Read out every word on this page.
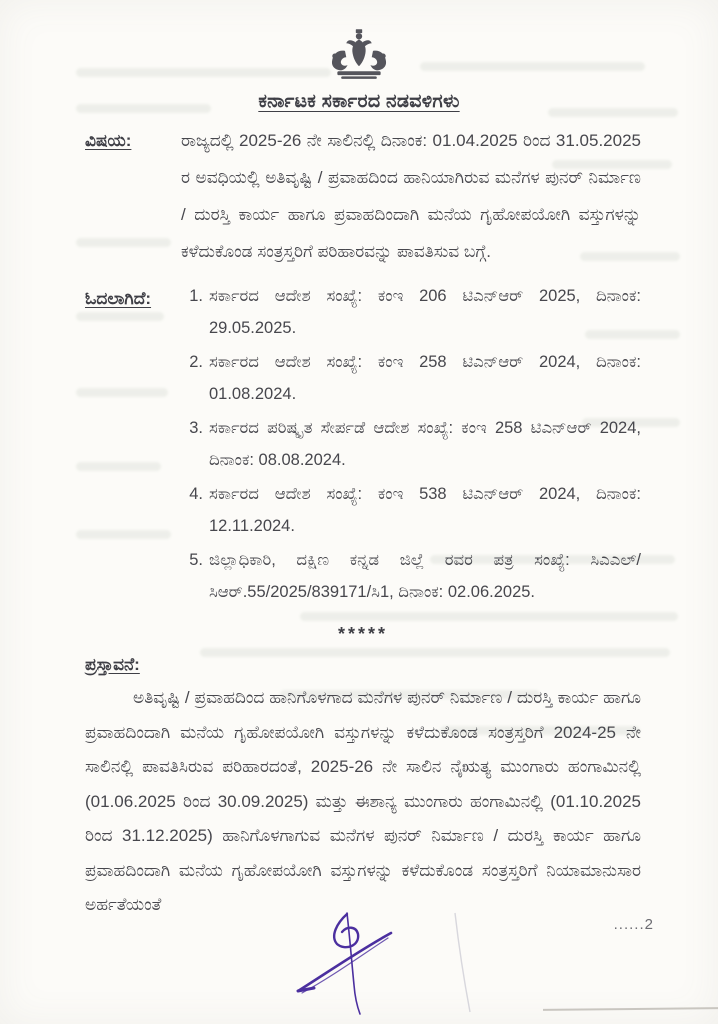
ಕರ್ನಾಟಕ ಸರ್ಕಾರದ ನಡವಳಿಗಳು
ವಿಷಯ:	ರಾಜ್ಯದಲ್ಲಿ 2025-26 ನೇ ಸಾಲಿನಲ್ಲಿ ದಿನಾಂಕ: 01.04.2025 ರಿಂದ 31.05.2025 ರ ಅವಧಿಯಲ್ಲಿ ಅತಿವೃಷ್ಟಿ / ಪ್ರವಾಹದಿಂದ ಹಾನಿಯಾಗಿರುವ ಮನೆಗಳ ಪುನರ್ ನಿರ್ಮಾಣ / ದುರಸ್ತಿ ಕಾರ್ಯ ಹಾಗೂ ಪ್ರವಾಹದಿಂದಾಗಿ ಮನೆಯ ಗೃಹೋಪಯೋಗಿ ವಸ್ತುಗಳನ್ನು ಕಳೆದುಕೊಂಡ ಸಂತ್ರಸ್ತರಿಗೆ ಪರಿಹಾರವನ್ನು ಪಾವತಿಸುವ ಬಗ್ಗೆ.

ಓದಲಾಗಿದೆ:	1. ಸರ್ಕಾರದ ಆದೇಶ ಸಂಖ್ಯೆ: ಕಂಇ 206 ಟಿಎನ್ಆರ್ 2025, ದಿನಾಂಕ: 29.05.2025.
2. ಸರ್ಕಾರದ ಆದೇಶ ಸಂಖ್ಯೆ: ಕಂಇ 258 ಟಿಎನ್ಆರ್ 2024, ದಿನಾಂಕ: 01.08.2024.
3. ಸರ್ಕಾರದ ಪರಿಷ್ಕೃತ ಸೇರ್ಪಡೆ ಆದೇಶ ಸಂಖ್ಯೆ: ಕಂಇ 258 ಟಿಎನ್ಆರ್ 2024, ದಿನಾಂಕ: 08.08.2024.
4. ಸರ್ಕಾರದ ಆದೇಶ ಸಂಖ್ಯೆ: ಕಂಇ 538 ಟಿಎನ್ಆರ್ 2024, ದಿನಾಂಕ: 12.11.2024.
5. ಜಿಲ್ಲಾಧಿಕಾರಿ, ದಕ್ಷಿಣ ಕನ್ನಡ ಜಿಲ್ಲೆ ರವರ ಪತ್ರ ಸಂಖ್ಯೆ: ಸಿಎಎಲ್/ಸಿಆರ್.55/2025/839171/ಸಿ1, ದಿನಾಂಕ: 02.06.2025.
*****
ಪ್ರಸ್ತಾವನೆ:

ಅತಿವೃಷ್ಟಿ / ಪ್ರವಾಹದಿಂದ ಹಾನಿಗೊಳಗಾದ ಮನೆಗಳ ಪುನರ್ ನಿರ್ಮಾಣ / ದುರಸ್ತಿ ಕಾರ್ಯ ಹಾಗೂ ಪ್ರವಾಹದಿಂದಾಗಿ ಮನೆಯ ಗೃಹೋಪಯೋಗಿ ವಸ್ತುಗಳನ್ನು ಕಳೆದುಕೊಂಡ ಸಂತ್ರಸ್ತರಿಗೆ 2024-25 ನೇ ಸಾಲಿನಲ್ಲಿ ಪಾವತಿಸಿರುವ ಪರಿಹಾರದಂತೆ, 2025-26 ನೇ ಸಾಲಿನ ನೈಋತ್ಯ ಮುಂಗಾರು ಹಂಗಾಮಿನಲ್ಲಿ (01.06.2025 ರಿಂದ 30.09.2025) ಮತ್ತು ಈಶಾನ್ಯ ಮುಂಗಾರು ಹಂಗಾಮಿನಲ್ಲಿ (01.10.2025 ರಿಂದ 31.12.2025) ಹಾನಿಗೊಳಗಾಗುವ ಮನೆಗಳ ಪುನರ್ ನಿರ್ಮಾಣ / ದುರಸ್ತಿ ಕಾರ್ಯ ಹಾಗೂ ಪ್ರವಾಹದಿಂದಾಗಿ ಮನೆಯ ಗೃಹೋಪಯೋಗಿ ವಸ್ತುಗಳನ್ನು ಕಳೆದುಕೊಂಡ ಸಂತ್ರಸ್ತರಿಗೆ ನಿಯಾಮಾನುಸಾರ ಅರ್ಹತೆಯಂತೆ

......2
